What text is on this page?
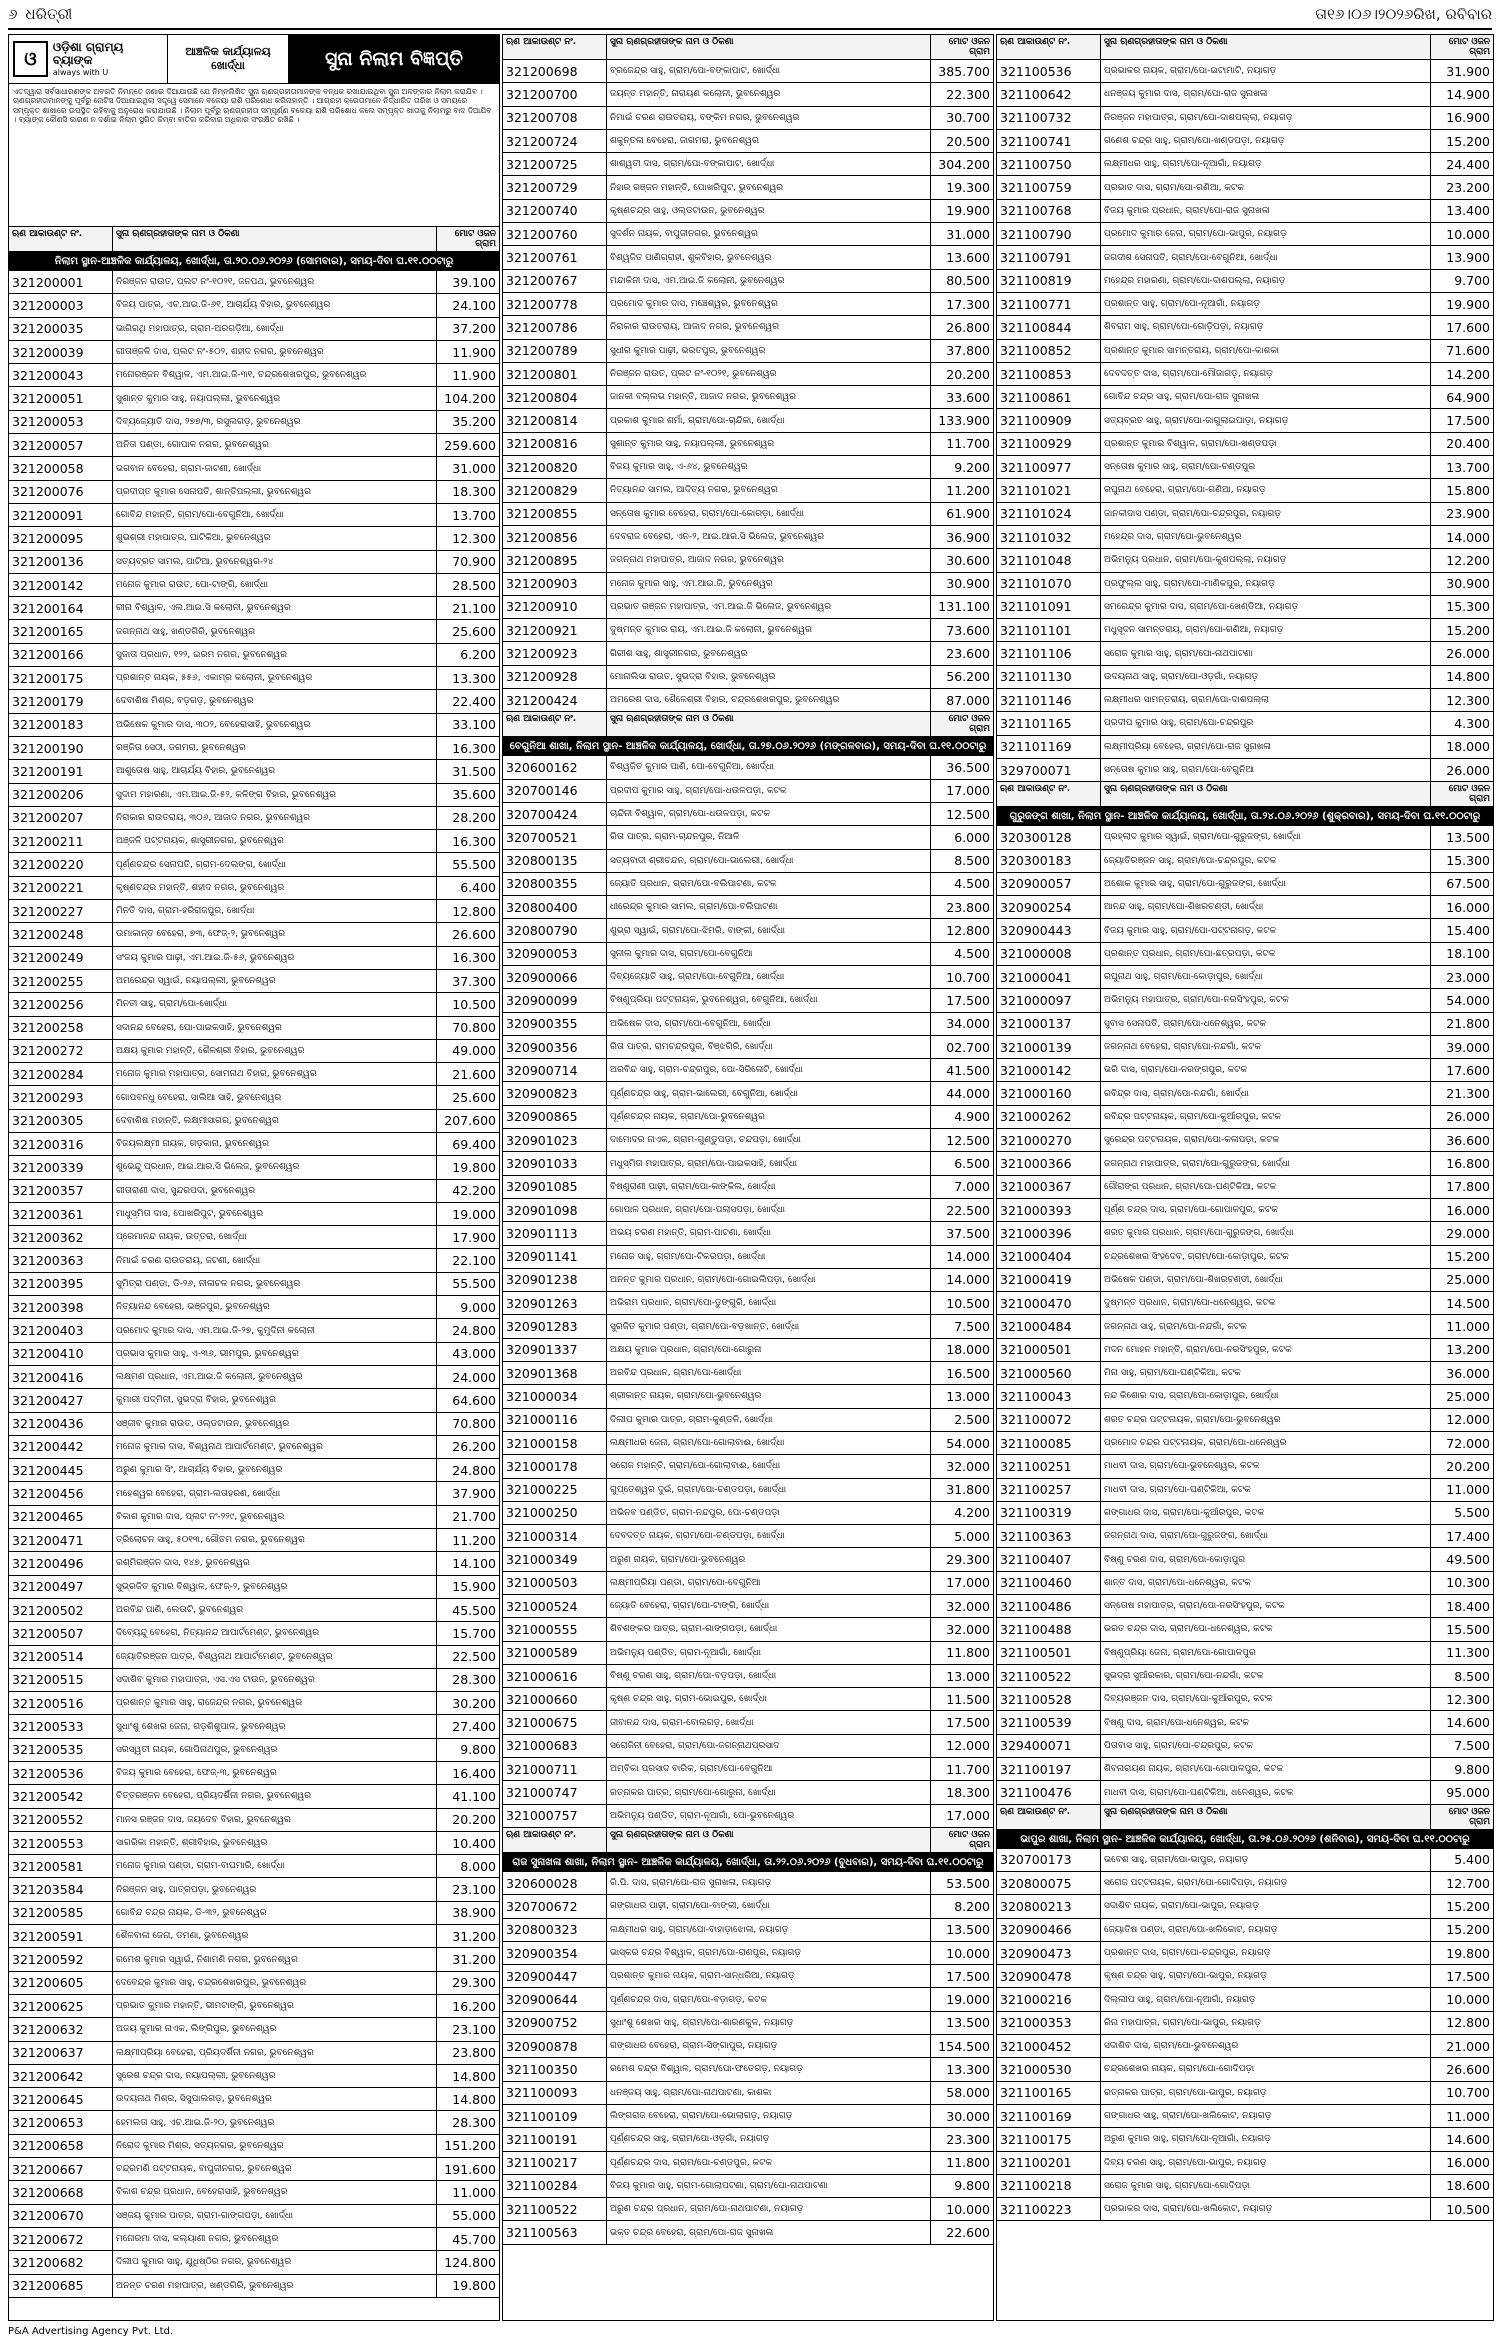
୬ ଧରିତ୍ରୀ	ତା୧୬।୦୬।୨୦୨୬ରିଖ, ରବିବାର
ଓ
ଓଡ଼ିଶା ଗ୍ରାମ୍ୟ ବ୍ୟାଙ୍କ
always with U
ଆଞ୍ଚଳିକ କାର୍ଯ୍ୟାଳୟ
ଖୋର୍ଦ୍ଧା	ସୁନା ନିଲାମ ବିଜ୍ଞପ୍ତି
ଏତଦ୍ୱାରା ସର୍ବସାଧାରଣଙ୍କ ଅବଗତି ନିମନ୍ତେ ଜଣାଇ ଦିଆଯାଉଛି ଯେ ନିମ୍ନଲିଖିତ ସୁନା ଋଣଗ୍ରହୀତାମାନଙ୍କ ବନ୍ଧକ ରଖାଯାଇଥିବା ସୁନା ଅଳଙ୍କାର ନିଲାମ କରାଯିବ । ଋଣଗ୍ରହୀତାମାନଙ୍କୁ ପୂର୍ବରୁ ନୋଟିସ ଦିଆଯାଇଥିଲା ସତ୍ତ୍ୱେ ସେମାନେ ବକେୟା ରାଶି ପରିଶୋଧ କରିନାହାନ୍ତି । ଆଗ୍ରହୀ କ୍ରେତାମାନେ ନିର୍ଦ୍ଧାରିତ ତାରିଖ ଓ ସମୟରେ ସମ୍ପୃକ୍ତ ଶାଖାରେ ଉପସ୍ଥିତ ରହିବାକୁ ଅନୁରୋଧ କରାଯାଉଛି । ନିଲାମ ପୂର୍ବରୁ ଋଣଗ୍ରହୀତା ସମ୍ପୂର୍ଣ୍ଣ ବକେୟା ରାଶି ପରିଶୋଧ କଲେ ସମ୍ପୃକ୍ତ ଖାତାକୁ ନିଲାମରୁ ବାଦ ଦିଆଯିବ । ବ୍ୟାଙ୍କ କୌଣସି କାରଣ ନ ଦର୍ଶାଇ ନିଲାମ ସ୍ଥଗିତ କିମ୍ବା ବାତିଲ କରିବାର ଅଧିକାର ସଂରକ୍ଷିତ ରଖିଛି ।
ଋଣ ଆକାଉଣ୍ଟ ନଂ.	ସୁନା ଋଣଗ୍ରହୀତାଙ୍କ ନାମ ଓ ଠିକଣା	ମୋଟ ଓଜନ ଗ୍ରାମ
ନିଲାମ ସ୍ଥାନ-ଆଞ୍ଚଳିକ କାର୍ଯ୍ୟାଳୟ, ଖୋର୍ଦ୍ଧା, ତା.୨୦.୦୬.୨୦୨୬ (ସୋମବାର), ସମୟ-ଦିବା ଘ.୧୧.୦୦ଟାରୁ
321200001	ନିରଞ୍ଜନ ରାଉତ, ପ୍ଲଟ ନଂ-୧୦୨୧, ଜନପଥ, ଭୁବନେଶ୍ୱର	39.100
321200003	ବିଜୟ ପାତ୍ର, ଏଚ.ଆଇ.ଜି-୬୧, ଆଚାର୍ଯ୍ୟ ବିହାର, ଭୁବନେଶ୍ୱର	24.100
321200035	ଭାଗିରଥି ମହାପାତ୍ର, ଗ୍ରାମ-ଅରଗଡ଼ିଆ, ଖୋର୍ଦ୍ଧା	37.200
321200039	ଗୀତାଞ୍ଜଳି ଦାସ, ପ୍ଲଟ ନଂ-୫୦୨, ଶହୀଦ ନଗର, ଭୁବନେଶ୍ୱର	11.900
321200043	ମନୋରଞ୍ଜନ ବିଶ୍ୱାଳ, ଏମ.ଆଇ.ଜି-୩୧, ଚନ୍ଦ୍ରଶେଖରପୁର, ଭୁବନେଶ୍ୱର	11.900
321200051	ସୁଶାନ୍ତ କୁମାର ସାହୁ, ନୟାପଲ୍ଲୀ, ଭୁବନେଶ୍ୱର	104.200
321200053	ଦିବ୍ୟଜ୍ୟୋତି ଦାସ, ୨୭୭/୩, ରସୁଲଗଡ଼, ଭୁବନେଶ୍ୱର	35.200
321200057	ଅନିତା ପଣ୍ଡା, ଗୋପାଳ ନଗର, ଭୁବନେଶ୍ୱର	259.600
321200058	ଭଗବାନ ବେହେରା, ଗ୍ରାମ-ଜାଟଣୀ, ଖୋର୍ଦ୍ଧା	31.000
321200076	ପ୍ରଦୀପ୍ତ କୁମାର ସେନାପତି, ଶାନ୍ତିପଲ୍ଲୀ, ଭୁବନେଶ୍ୱର	18.300
321200091	ଗୋବିନ୍ଦ ମହାନ୍ତି, ଗ୍ରାମ/ପୋ-ବେଗୁନିଆ, ଖୋର୍ଦ୍ଧା	13.700
321200095	ଶୁଭଶ୍ରୀ ମହାପାତ୍ର, ଘାଟିକିଆ, ଭୁବନେଶ୍ୱର	12.300
321200136	ସତ୍ୟବ୍ରତ ସାମଲ, ପାଟିଆ, ଭୁବନେଶ୍ୱର-୨୪	70.900
321200142	ମନୋଜ କୁମାର ରାଉତ, ପୋ-ଟାଙ୍ଗି, ଖୋର୍ଦ୍ଧା	28.500
321200164	ରୀନା ବିଶ୍ୱାଳ, ଏଲ.ଆଇ.ସି କଲୋନୀ, ଭୁବନେଶ୍ୱର	21.100
321200165	ଜଗନ୍ନାଥ ସାହୁ, ଖଣ୍ଡଗିରି, ଭୁବନେଶ୍ୱର	25.600
321200166	ସୁଜାତା ପ୍ରଧାନ, ୧୨୨, ଇରମ ନଗର, ଭୁବନେଶ୍ୱର	6.200
321200175	ପ୍ରଶାନ୍ତ ନାୟକ, ୫୫୬, ଏକାମ୍ର କଲୋନୀ, ଭୁବନେଶ୍ୱର	13.300
321200179	ଦେବାଶିଷ ମିଶ୍ର, ବଡ଼ଗଡ଼, ଭୁବନେଶ୍ୱର	22.400
321200183	ଅଭିଷେକ କୁମାର ଦାସ, ୩୦୨, ବେହେରାସାହି, ଭୁବନେଶ୍ୱର	33.100
321200190	ରଞ୍ଜିତା ସେଠୀ, ଜଗମରା, ଭୁବନେଶ୍ୱର	16.300
321200191	ଆଶୁତୋଷ ସାହୁ, ଆଚାର୍ଯ୍ୟ ବିହାର, ଭୁବନେଶ୍ୱର	31.500
321200206	ସୁଦାମ ମହାରଣା, ଏମ.ଆଇ.ଜି-୫୨, କଳିଙ୍ଗ ବିହାର, ଭୁବନେଶ୍ୱର	35.600
321200207	ନିରାକାର ରାଉତରାୟ, ୩୦୬, ଆଜାଦ ନଗର, ଭୁବନେଶ୍ୱର	28.200
321200211	ଅଞ୍ଜଳି ପଟ୍ଟନାୟକ, ଶାସ୍ତ୍ରୀନଗର, ଭୁବନେଶ୍ୱର	16.300
321200220	ପୂର୍ଣ୍ଣଚନ୍ଦ୍ର ସେନାପତି, ଗ୍ରାମ-ଦେଲଙ୍ଗ, ଖୋର୍ଦ୍ଧା	55.500
321200221	କୃଷ୍ଣଚନ୍ଦ୍ର ମହାନ୍ତି, ଶହୀଦ ନଗର, ଭୁବନେଶ୍ୱର	6.400
321200227	ମିନତି ଦାସ, ଗ୍ରାମ-ହରିରାଜପୁର, ଖୋର୍ଦ୍ଧା	12.800
321200248	ଉମାକାନ୍ତ ବେହେରା, ୭୩, ଫେଜ୍-୨, ଭୁବନେଶ୍ୱର	26.600
321200249	ସଂଜୟ କୁମାର ପାଢ଼ୀ, ଏମ.ଆଇ.ଜି-୫୬, ଭୁବନେଶ୍ୱର	16.300
321200255	ଅମରେନ୍ଦ୍ର ସ୍ୱାଇଁ, ନୟାପଲ୍ଲୀ, ଭୁବନେଶ୍ୱର	37.300
321200256	ମିନତୀ ସାହୁ, ଗ୍ରାମ/ପୋ-ଖୋର୍ଦ୍ଧା	10.500
321200258	ସଦାନନ୍ଦ ବେହେରା, ପୋ-ପାଇକସାହି, ଭୁବନେଶ୍ୱର	70.800
321200272	ଅକ୍ଷୟ କୁମାର ମହାନ୍ତି, ଶୈଳଶ୍ରୀ ବିହାର, ଭୁବନେଶ୍ୱର	49.000
321200284	ମନୋଜ କୁମାର ମହାପାତ୍ର, ସୋମନାଥ ବିହାର, ଭୁବନେଶ୍ୱର	21.600
321200293	ଗୋପବନ୍ଧୁ ବେହେରା, ସାଲିଆ ସାହି, ଭୁବନେଶ୍ୱର	25.600
321200305	ଦେବାଶିଷ ମହାନ୍ତି, ଲକ୍ଷ୍ମୀସାଗର, ଭୁବନେଶ୍ୱର	207.600
321200316	ବିଜୟଲକ୍ଷ୍ମୀ ନାୟକ, ଗଡ଼କାନା, ଭୁବନେଶ୍ୱର	69.400
321200339	ଶୁଭେନ୍ଦୁ ପ୍ରଧାନ, ଆଇ.ଆର.ସି ଭିଲେଜ, ଭୁବନେଶ୍ୱର	19.800
321200357	ଗୀତାରାଣୀ ଦାସ, ସୁନ୍ଦରପଦା, ଭୁବନେଶ୍ୱର	42.200
321200361	ମାଧୁସ୍ମିତା ଦାସ, ପୋଖରିପୁଟ, ଭୁବନେଶ୍ୱର	19.000
321200362	ପ୍ରେମାନନ୍ଦ ନାୟକ, ଉତ୍ତରା, ଖୋର୍ଦ୍ଧା	17.900
321200363	ନିମାଇଁ ଚରଣ ରାଉତରାୟ, ଜଟଣୀ, ଖୋର୍ଦ୍ଧା	22.100
321200395	ସୁମିତ୍ରା ପଣ୍ଡା, ଡି-୨୬, ନୀଳାଚଳ ନଗର, ଭୁବନେଶ୍ୱର	55.500
321200398	ନିତ୍ୟାନନ୍ଦ ବେହେରା, ଭଞ୍ଜପୁର, ଭୁବନେଶ୍ୱର	9.000
321200403	ପ୍ରମୋଦ କୁମାର ଦାସ, ଏମ.ଆଇ.ଜି-୨୭, କୁମୁଦିନୀ କଲୋନୀ	24.800
321200410	ପ୍ରଭାସ କୁମାର ସାହୁ, ଏ-୩୬, ଭୀମପୁର, ଭୁବନେଶ୍ୱର	43.000
321200416	ଲକ୍ଷ୍ମଣ ପ୍ରଧାନ, ଏମ.ଆଇ.ଜି କଲୋନୀ, ଭୁବନେଶ୍ୱର	24.000
321200427	କୁମାରୀ ପଦ୍ମିନୀ, ସୁଭଦ୍ରା ବିହାର, ଭୁବନେଶ୍ୱର	64.600
321200436	ସଞ୍ଜୀବ କୁମାର ରାଉତ, ଓଲ୍ଡଟାଉନ, ଭୁବନେଶ୍ୱର	70.800
321200442	ମନୋଜ କୁମାର ଦାସ, ବିଶ୍ୱନାଥ ଆପାର୍ଟମେଣ୍ଟ, ଭୁବନେଶ୍ୱର	26.200
321200445	ଅରୁଣ କୁମାର ସିଂ, ଆଚାର୍ଯ୍ୟ ବିହାର, ଭୁବନେଶ୍ୱର	24.800
321200456	ମହେଶ୍ୱର ବେହେରା, ଗ୍ରାମ-ଲତାହରଣ, ଖୋର୍ଦ୍ଧା	37.900
321200465	ବିକାଶ କୁମାର ଦାସ, ପ୍ଲଟ ନଂ-୨୨୯, ଭୁବନେଶ୍ୱର	21.700
321200471	ତ୍ରିଲୋଚନ ସାହୁ, ୫୦୧୩, ଗୌତମ ନଗର, ଭୁବନେଶ୍ୱର	11.200
321200496	ରଶ୍ମିରଞ୍ଜନ ଦାସ, ୧୪୭, ଭୁବନେଶ୍ୱର	14.100
321200497	ସୁଭ୍ରଜିତ କୁମାର ବିଶ୍ୱାଳ, ଫେଜ୍-୨, ଭୁବନେଶ୍ୱର	15.900
321200502	ଅରବିନ୍ଦ ପାଣି, ଲେଉଟି, ଭୁବନେଶ୍ୱର	45.500
321200507	ଦିବ୍ୟେନ୍ଦୁ ବେହେରା, ନିତ୍ୟାନନ୍ଦ ଆପାର୍ଟମେଣ୍ଟ, ଭୁବନେଶ୍ୱର	15.700
321200514	ଜ୍ୟୋତିରଞ୍ଜନ ପାତ୍ର, ବିଶ୍ୱନାଥ ଆପାର୍ଟମେଣ୍ଟ, ଭୁବନେଶ୍ୱର	22.500
321200515	ସଦାଶିବ କୁମାର ମହାପାତ୍ର, ଏସ.ଏସ ଟାଉନ, ଭୁବନେଶ୍ୱର	28.300
321200516	ପ୍ରଶାନ୍ତ କୁମାର ସାହୁ, ରାଜେନ୍ଦ୍ର ନଗର, ଭୁବନେଶ୍ୱର	30.200
321200533	ସୁଧାଂଶୁ ଶେଖର ଜେନା, ଗଡ଼ଶିଶୁପାଳ, ଭୁବନେଶ୍ୱର	27.400
321200535	ସରସ୍ୱତୀ ନାୟକ, ଗୋପିନାଥପୁର, ଭୁବନେଶ୍ୱର	9.800
321200536	ବିଜୟ କୁମାର ବେହେରା, ଫେଜ୍-୩, ଭୁବନେଶ୍ୱର	16.400
321200542	ଚିତ୍ତରଞ୍ଜନ ବେହେରା, ପ୍ରିୟଦର୍ଶିନୀ ନଗର, ଭୁବନେଶ୍ୱର	41.100
321200552	ମାନସ ରଞ୍ଜନ ଦାସ, ଜୟଦେବ ବିହାର, ଭୁବନେଶ୍ୱର	20.200
321200553	ସାଗରିକା ମହାନ୍ତି, ଶ୍ରୀବିହାର, ଭୁବନେଶ୍ୱର	10.400
321200581	ମନୋଜ କୁମାର ପଣ୍ଡା, ଗ୍ରାମ-ବାଘମାରି, ଖୋର୍ଦ୍ଧା	8.000
321203584	ନିରଞ୍ଜନ ସାହୁ, ପାତ୍ରପଡ଼ା, ଭୁବନେଶ୍ୱର	23.100
321200585	ଗୋବିନ୍ଦ ଚନ୍ଦ୍ର ନାୟକ, ଡି-୩୨, ଭୁବନେଶ୍ୱର	38.900
321200591	ଶୈଳବାଳା ଜେନା, ଡମଣା, ଭୁବନେଶ୍ୱର	31.200
321200592	ରମେଶ କୁମାର ସ୍ୱାଇଁ, ନିଶାମଣି ନଗର, ଭୁବନେଶ୍ୱର	31.200
321200605	ଦେବେନ୍ଦ୍ର କୁମାର ସାହୁ, ଚନ୍ଦ୍ରଶେଖରପୁର, ଭୁବନେଶ୍ୱର	29.300
321200625	ପ୍ରଭାତ କୁମାର ମହାନ୍ତି, ଭୀମଟାଙ୍ଗି, ଭୁବନେଶ୍ୱର	16.200
321200632	ଅଜୟ କୁମାର ନାଏକ, ଲିଙ୍ଗିପୁର, ଭୁବନେଶ୍ୱର	23.100
321200637	ଲକ୍ଷ୍ମୀପ୍ରିୟା ବେହେରା, ପ୍ରିୟଦର୍ଶିନୀ ନଗର, ଭୁବନେଶ୍ୱର	23.800
321200642	ସୁରେଶ ଚନ୍ଦ୍ର ଦାସ, ନୟାପଲ୍ଲୀ, ଭୁବନେଶ୍ୱର	14.800
321200645	ଉଦୟନାଥ ମିଶ୍ର, ସିସୁପାଲଗଡ଼, ଭୁବନେଶ୍ୱର	14.800
321200653	ହେମଲତା ସାହୁ, ଏଚ.ଆଇ.ଜି-୨୦, ଭୁବନେଶ୍ୱର	28.300
321200658	ନିରୋଦ କୁମାର ମିଶ୍ର, ସତ୍ୟନଗର, ଭୁବନେଶ୍ୱର	151.200
321200667	ଚନ୍ଦ୍ରମଣି ପଟ୍ଟନାୟକ, ବାପୁଜୀନଗର, ଭୁବନେଶ୍ୱର	191.600
321200668	ବିକାଶ ଚନ୍ଦ୍ର ପ୍ରଧାନ, ବେହେରାସାହି, ଭୁବନେଶ୍ୱର	11.000
321200670	ସଞ୍ଜୟ କୁମାର ପାତ୍ର, ଗ୍ରାମ-ଗାଙ୍ଗପଡ଼ା, ଖୋର୍ଦ୍ଧା	55.000
321200672	ମନୋରମା ଦାସ, କଲ୍ୟାଣୀ ନଗର, ଭୁବନେଶ୍ୱର	45.700
321200682	ଦିଲୀପ କୁମାର ସାହୁ, ଯୁଧିଷ୍ଠିର ନଗର, ଭୁବନେଶ୍ୱର	124.800
321200685	ଅନନ୍ତ ଚରଣ ମହାପାତ୍ର, ଖଣ୍ଡଗିରି, ଭୁବନେଶ୍ୱର	19.800
ଋଣ ଆକାଉଣ୍ଟ ନଂ.	ସୁନା ଋଣଗ୍ରହୀତାଙ୍କ ନାମ ଓ ଠିକଣା	ମୋଟ ଓଜନ ଗ୍ରାମ
321200698	ବ୍ରଜେନ୍ଦ୍ର ସାହୁ, ଗ୍ରାମ/ପୋ-ବଙ୍କାପାଟ, ଖୋର୍ଦ୍ଧା	385.700
321200700	ଜୟନ୍ତ ମହାନ୍ତି, ନାରାୟଣ କଲୋନୀ, ଭୁବନେଶ୍ୱର	22.300
321200708	ନିମାଇଁ ଚରଣ ରାଉତରାୟ, ବଙ୍କିମ ନଗର, ଭୁବନେଶ୍ୱର	30.700
321200724	ଶକୁନ୍ତଳା ବେହେରା, ଜାଗମରା, ଭୁବନେଶ୍ୱର	20.500
321200725	ଶାଶ୍ୱତୀ ଦାସ, ଗ୍ରାମ/ପୋ-ବଙ୍କାପାଟ, ଖୋର୍ଦ୍ଧା	304.200
321200729	ନିହାର ରଞ୍ଜନ ମହାନ୍ତି, ପୋଖରିପୁଟ, ଭୁବନେଶ୍ୱର	19.300
321200740	କୃଷ୍ଣଚନ୍ଦ୍ର ସାହୁ, ଓଲ୍ଡଟାଉନ, ଭୁବନେଶ୍ୱର	19.900
321200760	ସୁଦର୍ଶନ ନାୟକ, ବାପୁଜୀନଗର, ଭୁବନେଶ୍ୱର	31.000
321200761	ବିଶ୍ୱଜିତ ପାଣିଗ୍ରାହୀ, ଶୁକବିହାର, ଭୁବନେଶ୍ୱର	13.600
321200767	ମନ୍ଦାକିନୀ ଦାସ, ଏମ.ଆଇ.ଜି କଲୋନୀ, ଭୁବନେଶ୍ୱର	80.500
321200778	ପ୍ରମୋଦ କୁମାର ଦାସ, ମଞ୍ଚେଶ୍ୱର, ଭୁବନେଶ୍ୱର	17.300
321200786	ନିରାକାର ରାଉତରାୟ, ଆଜାଦ ନଗର, ଭୁବନେଶ୍ୱର	26.800
321200789	ସୁଧୀର କୁମାର ପାଢ଼ୀ, ଭରତପୁର, ଭୁବନେଶ୍ୱର	37.800
321200801	ନିରଞ୍ଜନ ରାଉତ, ପ୍ଲଟ ନଂ-୧୦୨୧, ଭୁବନେଶ୍ୱର	20.200
321200804	ଜାନକୀ ବଲ୍ଲଭ ମହାନ୍ତି, ଆଜାଦ ନଗର, ଭୁବନେଶ୍ୱର	33.600
321200814	ପ୍ରକାଶ କୁମାର ଶର୍ମା, ଗ୍ରାମ/ପୋ-ଚାନ୍ଦିକା, ଖୋର୍ଦ୍ଧା	133.900
321200816	ସୁଶାନ୍ତ କୁମାର ସାହୁ, ନୟାପଲ୍ଲୀ, ଭୁବନେଶ୍ୱର	11.700
321200820	ବିଜୟ କୁମାର ସାହୁ, ଏ-୬୪, ଭୁବନେଶ୍ୱର	9.200
321200829	ନିତ୍ୟାନନ୍ଦ ସାମଲ, ଆଦିତ୍ୟ ନଗର, ଭୁବନେଶ୍ୱର	11.200
321200855	ସନ୍ତୋଷ କୁମାର ବେହେରା, ଗ୍ରାମ/ପୋ-କୋରଡ଼ା, ଖୋର୍ଦ୍ଧା	61.900
321200856	ଦେବରାଜ ବେହେରା, ଏନ-୨, ଆଇ.ଆର.ସି ଭିଲେଜ, ଭୁବନେଶ୍ୱର	36.900
321200895	ଜଗନ୍ନାଥ ମହାପାତ୍ର, ଆଜାଦ ନଗର, ଭୁବନେଶ୍ୱର	30.600
321200903	ମନୋଜ କୁମାର ସାହୁ, ଏମ.ଆଇ.ଜି, ଭୁବନେଶ୍ୱର	30.900
321200910	ପ୍ରଭାତ ରଞ୍ଜନ ମହାପାତ୍ର, ଏମ.ଆଇ.ଜି ଭିଲେଜ, ଭୁବନେଶ୍ୱର	131.100
321200921	ଦୁଷ୍ମନ୍ତ କୁମାର ରାୟ, ଏମ.ଆଇ.ଜି କଲୋନୀ, ଭୁବନେଶ୍ୱର	73.600
321200923	ଗିରୀଶ ସାହୁ, ଶାସ୍ତ୍ରୀନଗର, ଭୁବନେଶ୍ୱର	23.600
321200928	ମୋନାଲିସା ରାଉତ, ସୁଭଦ୍ରା ବିହାର, ଭୁବନେଶ୍ୱର	56.200
321200424	ଅମରେଶ ଦାସ, ଶୈଳେଶ୍ରୀ ବିହାର, ଚନ୍ଦ୍ରଶେଖରପୁର, ଭୁବନେଶ୍ୱର	87.000
ଋଣ ଆକାଉଣ୍ଟ ନଂ.	ସୁନା ଋଣଗ୍ରହୀତାଙ୍କ ନାମ ଓ ଠିକଣା	ମୋଟ ଓଜନ ଗ୍ରାମ
ବେଗୁନିଆ ଶାଖା, ନିଲାମ ସ୍ଥାନ- ଆଞ୍ଚଳିକ କାର୍ଯ୍ୟାଳୟ, ଖୋର୍ଦ୍ଧା, ତା.୨୭.୦୬.୨୦୨୬ (ମଙ୍ଗଳବାର), ସମୟ-ଦିବା ଘ.୧୧.୦୦ଟାରୁ
320600162	ବିଶ୍ୱଜିତ କୁମାର ପାଣି, ପୋ-ବେଗୁନିଆ, ଖୋର୍ଦ୍ଧା	36.500
320700146	ପ୍ରଦୀପ କୁମାର ସାହୁ, ଗ୍ରାମ/ପୋ-ଧଉଳପଡ଼ା, କଟକ	17.000
320700424	ଚାନ୍ଦିନୀ ବିଶ୍ୱାଳ, ଗ୍ରାମ/ପୋ-ଧଉଳପଡ଼ା, କଟକ	12.500
320700521	ରିତା ପାତ୍ର, ଗ୍ରାମ-ଚାନ୍ଦନପୁର, ନିଆଳି	6.000
320800135	ସତ୍ୟବାଦୀ ଶ୍ରୀଚନ୍ଦନ, ଗ୍ରାମ/ପୋ-ଭାଲେରୀ, ଖୋର୍ଦ୍ଧା	8.500
320800355	ଜ୍ୟୋତି ପ୍ରଧାନ, ଗ୍ରାମ/ପୋ-ବଲିପାଟଣା, କଟକ	4.500
320800400	ଧୀରେନ୍ଦ୍ର କୁମାର ସାମଲ, ଗ୍ରାମ/ପୋ-ବଲିପାଟଣା	23.800
320800790	ଶୁଭ୍ରା ସ୍ୱାଇଁ, ଗ୍ରାମ/ପୋ-ଝିମରି, ବାଙ୍କୀ, ଖୋର୍ଦ୍ଧା	12.800
320900053	ସୁନୀଲ କୁମାର ଦାସ, ଗ୍ରାମ/ପୋ-ବେଗୁନିଆ	4.500
320900066	ଦିବ୍ୟଜ୍ୟୋତି ସାହୁ, ଗ୍ରାମ/ପୋ-ବେଗୁନିଆ, ଖୋର୍ଦ୍ଧା	10.700
320900099	ବିଷ୍ଣୁପ୍ରିୟା ପଟ୍ଟନାୟକ, ଭୁବନେଶ୍ୱର, ବେଗୁନିଆ, ଖୋର୍ଦ୍ଧା	17.500
320900355	ଅଭିଷେକ ଦାସ, ଗ୍ରାମ/ପୋ-ବେଗୁନିଆ, ଖୋର୍ଦ୍ଧା	34.000
320900356	ରିତା ପାତ୍ର, ରାମଚନ୍ଦ୍ରପୁର, ବିଞ୍ଝଗିରି, ଖୋର୍ଦ୍ଧା	02.700
320900714	ଅରବିନ୍ଦ ସାହୁ, ଗ୍ରାମ-ଚନ୍ଦ୍ରପୁର, ପୋ-ସିରିଳୋଟି, ଖୋର୍ଦ୍ଧା	41.500
320900823	ପୂର୍ଣ୍ଣଚନ୍ଦ୍ର ସାହୁ, ଗ୍ରାମ-ଭାଲେରୀ, ବେଗୁନିଆ, ଖୋର୍ଦ୍ଧା	44.000
320900865	ପୂର୍ଣ୍ଣଚନ୍ଦ୍ର ନାୟକ, ଗ୍ରାମ/ପୋ-ଭୁବନେଶ୍ୱର	4.900
320901023	ଦାମୋଦର ନାଏକ, ଗ୍ରାମ-ଗୁଣ୍ଡୁପଡ଼ା, ଚନ୍ଦପଡ଼ା, ଖୋର୍ଦ୍ଧା	12.500
320901033	ମଧୁସ୍ମିତା ମହାପାତ୍ର, ଗ୍ରାମ/ପୋ-ପାଇକସାହି, ଖୋର୍ଦ୍ଧା	6.500
320901085	ବିଷ୍ଣୁରାଣୀ ପାଢ଼ୀ, ଗ୍ରାମ/ପୋ-କାଙ୍କିଲ, ଖୋର୍ଦ୍ଧା	7.000
320901098	ଗୋପାଳ ପ୍ରଧାନ, ଗ୍ରାମ/ପୋ-ପଲାସପଡ଼ା, ଖୋର୍ଦ୍ଧା	22.500
320901113	ଅଭୟ ଚରଣ ମହାନ୍ତି, ଗ୍ରାମ-ପାଟଣା, ଖୋର୍ଦ୍ଧା	37.500
320901141	ମନୋଜ ସାହୁ, ଗ୍ରାମ/ପୋ-ଟିକରପଡ଼ା, ଖୋର୍ଦ୍ଧା	14.000
320901238	ଅନନ୍ତ କୁମାର ପ୍ରଧାନ, ଗ୍ରାମ/ପୋ-ଗୋଇଲିପଡ଼ା, ଖୋର୍ଦ୍ଧା	14.000
320901263	ଅଭିରାମ ପ୍ରଧାନ, ଗ୍ରାମ/ପୋ-ଡୁଙ୍ଗୁରି, ଖୋର୍ଦ୍ଧା	10.500
320901283	ସୁରଜିତ କୁମାର ପଣ୍ଡା, ଗ୍ରାମ/ପୋ-ବଡ଼ଖାନ୍ତ, ଖୋର୍ଦ୍ଧା	7.500
320901337	ଅକ୍ଷୟ କୁମାର ପ୍ରଧାନ, ଗ୍ରାମ/ପୋ-ଗୋରୁନା	18.000
320901368	ଅରବିନ୍ଦ ପ୍ରଧାନ, ଗ୍ରାମ/ପୋ-ଖୋର୍ଦ୍ଧା	16.500
321000034	ଶ୍ରୀକାନ୍ତ ନାୟକ, ଗ୍ରାମ/ପୋ-ଭୁବନେଶ୍ୱର	13.000
321000116	ଦିଲୀପ କୁମାର ପାତ୍ର, ଗ୍ରାମ-କୁଣ୍ଡଳି, ଖୋର୍ଦ୍ଧା	2.500
321000158	ଲକ୍ଷ୍ମୀଧର ଜେନା, ଗ୍ରାମ/ପୋ-ଗୋଲାବାଈ, ଖୋର୍ଦ୍ଧା	54.000
321000178	ସରୋଜ ମହାନ୍ତି, ଗ୍ରାମ/ପୋ-ଗୋଲାବାଈ, ଖୋର୍ଦ୍ଧା	32.000
321000225	ଗୁପ୍ତେଶ୍ୱର ଦୁଇଁ, ଗ୍ରାମ/ପୋ-ଚଣ୍ଡପଡ଼ା, ଖୋର୍ଦ୍ଧା	31.800
321000250	ଅଭିନବ ପଣ୍ଡିତ, ଗ୍ରାମ-ନନ୍ଦପୁର, ପୋ-ଚଣ୍ଡପଡ଼ା	4.200
321000314	ଦେବଦତ୍ତ ନାୟକ, ଗ୍ରାମ/ପୋ-ଚଣ୍ଡପଡ଼ା, ଖୋର୍ଦ୍ଧା	5.000
321000349	ଅରୁଣ ନାୟକ, ଗ୍ରାମ/ପୋ-ଭୁବନେଶ୍ୱର	29.300
321000503	ଲକ୍ଷ୍ମୀପ୍ରିୟା ପଣ୍ଡା, ଗ୍ରାମ/ପୋ-ବେଗୁନିଆ	17.000
321000524	ଜ୍ୟୋତି ବେହେରା, ଗ୍ରାମ/ପୋ-ଟାଙ୍ଗି, ଖୋର୍ଦ୍ଧା	32.000
321000555	ଶିବଶଙ୍କର ପାତ୍ର, ଗ୍ରାମ-ଗାଙ୍ଗପଡ଼ା, ଖୋର୍ଦ୍ଧା	32.000
321000589	ଅଭିମନ୍ୟୁ ପଣ୍ଡିତ, ଗ୍ରାମ-ନୂଆଗାଁ, ଖୋର୍ଦ୍ଧା	11.800
321000616	ବିଷ୍ଣୁ ଚରଣ ସାହୁ, ଗ୍ରାମ/ପୋ-ବଡ଼ପଡ଼ା, ଖୋର୍ଦ୍ଧା	13.000
321000660	କୃଷ୍ଣ ଚନ୍ଦ୍ର ସାହୁ, ଗ୍ରାମ-ଭୋଇପୁର, ଖୋର୍ଦ୍ଧା	11.500
321000675	ଜୀବାନନ୍ଦ ଦାସ, ଗ୍ରାମ-ବୋଲଗଡ଼, ଖୋର୍ଦ୍ଧା	17.500
321000683	ସରୋଜିନୀ ବେହେରା, ଗ୍ରାମ/ପୋ-ଜଗନ୍ନାଥପ୍ରସାଦ	12.000
321000711	ଅମ୍ବିକା ପ୍ରସାଦ ବାରିକ, ଗ୍ରାମ/ପୋ-ବେଗୁନିଆ	11.700
321000747	ରତ୍ନାକର ପାତ୍ର, ଗ୍ରାମ/ପୋ-ଗୋରୁନା, ଖୋର୍ଦ୍ଧା	18.300
321000757	ଅଭିମନ୍ୟୁ ପଣ୍ଡିତ, ଗ୍ରାମ-ନୂଆଗାଁ, ପୋ-ଭୁବନେଶ୍ୱର	17.000
ଋଣ ଆକାଉଣ୍ଟ ନଂ.	ସୁନା ଋଣଗ୍ରହୀତାଙ୍କ ନାମ ଓ ଠିକଣା	ମୋଟ ଓଜନ ଗ୍ରାମ
ରାଜ ସୁନାଖଳା ଶାଖା, ନିଲାମ ସ୍ଥାନ- ଆଞ୍ଚଳିକ କାର୍ଯ୍ୟାଳୟ, ଖୋର୍ଦ୍ଧା, ତା.୨୨.୦୬.୨୦୨୬ (ବୁଧବାର), ସମୟ-ଦିବା ଘ.୧୧.୦୦ଟାରୁ
320600028	ରି.ପି. ଦାସ, ଗ୍ରାମ/ପୋ-ରାଜ ସୁନାଖଳା, ନୟାଗଡ଼	53.500
320700672	ଗଙ୍ଗାଧର ପାଢ଼ୀ, ଗ୍ରାମ/ପୋ-ବାଙ୍କୀ, ଖୋର୍ଦ୍ଧା	8.200
320800323	ଲକ୍ଷ୍ମୀଧର ସାହୁ, ଗ୍ରାମ/ପୋ-ବାହାଡ଼ାଝୋଳା, ନୟାଗଡ଼	13.500
320900354	ଭାସ୍କର ଚନ୍ଦ୍ର ବିଶ୍ୱାଳ, ଗ୍ରାମ/ପୋ-ରାଣପୁର, ନୟାଗଡ଼	10.000
320900447	ପ୍ରଶାନ୍ତ କୁମାର ନାୟକ, ଗ୍ରାମ-ସାନ୍ଧରିଆ, ନୟାଗଡ଼	17.500
320900644	ପୂର୍ଣ୍ଣଚନ୍ଦ୍ର ଦାସ, ଗ୍ରାମ/ପୋ-ବଡ଼ାଗଡ଼, କଟକ	19.000
320900752	ସୁଧାଂଶୁ ଶେଖର ସାହୁ, ଗ୍ରାମ/ପୋ-ଶାରଣକୁଳ, ନୟାଗଡ଼	13.500
320900878	ଗଙ୍ଗାଧର ବେହେରା, ଗ୍ରାମ-ସିଙ୍ଗାପୁର, ନୟାଗଡ଼	154.500
321100350	ରମେଶ ଚନ୍ଦ୍ର ବିଶ୍ୱାଳ, ଗ୍ରାମ/ପୋ-ଫତେଗଡ଼, ନୟାଗଡ଼	13.300
321100093	ଧନଞ୍ଜୟ ସାହୁ, ଗ୍ରାମ/ପୋ-ନାଥପାଟଣା, କାଶକା	58.000
321100109	ଲିଙ୍ଗରାଜ ବେହେରା, ଗ୍ରାମ/ପୋ-ଭୋଲାଗଡ଼, ନୟାଗଡ଼	30.000
321100191	ପୂର୍ଣ୍ଣଚନ୍ଦ୍ର ସାହୁ, ଗ୍ରାମ/ପୋ-ଓଡ଼ଗାଁ, ନୟାଗଡ଼	23.300
321100217	ପୂର୍ଣ୍ଣଚନ୍ଦ୍ର ଦାସ, ଗ୍ରାମ/ପୋ-ଚଣ୍ଡପୁର, କଟକ	11.800
321100284	ବିଜୟ କୁମାର ସାହୁ, ଗ୍ରାମ-ଗୋଲାପଟଣା, ଗ୍ରାମ/ପୋ-ନାଥପାଟଣା	9.800
321100522	ଅରୁଣ ଚନ୍ଦ୍ର ପ୍ରଧାନ, ଗ୍ରାମ/ପୋ-ନାଥପାଟଣା, ନୟାଗଡ଼	10.000
321100563	ଭକ୍ତ ଚନ୍ଦ୍ର ବେହେରା, ଗ୍ରାମ/ପୋ-ରାଜ ସୁନାଖଳା	22.600
ଋଣ ଆକାଉଣ୍ଟ ନଂ.	ସୁନା ଋଣଗ୍ରହୀତାଙ୍କ ନାମ ଓ ଠିକଣା	ମୋଟ ଓଜନ ଗ୍ରାମ
321100536	ପ୍ରଭାକର ନାୟକ, ଗ୍ରାମ/ପୋ-ଇଟାମାଟି, ନୟାଗଡ଼	31.900
321100642	ଧନଞ୍ଜୟ କୁମାର ଦାସ, ଗ୍ରାମ/ପୋ-ରାଜ ସୁନାଖଳା	14.900
321100732	ନିରଞ୍ଜନ ମହାପାତ୍ର, ଗ୍ରାମ/ପୋ-ଦାଶପଲ୍ଲା, ନୟାଗଡ଼	16.900
321100741	ଗଣେଶ ଚନ୍ଦ୍ର ସାହୁ, ଗ୍ରାମ/ପୋ-ଖଣ୍ଡପଡ଼ା, ନୟାଗଡ଼	15.200
321100750	ଲକ୍ଷ୍ମୀଧର ସାହୁ, ଗ୍ରାମ/ପୋ-ନୂଆଗାଁ, ନୟାଗଡ଼	24.400
321100759	ପ୍ରଭାତ ଦାସ, ଗ୍ରାମ/ପୋ-ଗଣିଆ, କଟକ	23.200
321100768	ବିଜୟ କୁମାର ପ୍ରଧାନ, ଗ୍ରାମ/ପୋ-ରାଜ ସୁନାଖଳା	13.400
321100790	ପ୍ରମୋଦ କୁମାର ଜେନା, ଗ୍ରାମ/ପୋ-ଭାପୁର, ନୟାଗଡ଼	10.000
321100791	ଜଗଦୀଶ ସେନାପତି, ଗ୍ରାମ/ପୋ-ବେଗୁନିଆ, ଖୋର୍ଦ୍ଧା	13.900
321100819	ମହେନ୍ଦ୍ର ମହାରଣା, ଗ୍ରାମ/ପୋ-ଦାଶପଲ୍ଲା, ନୟାଗଡ଼	9.700
321100771	ପ୍ରଶାନ୍ତ ସାହୁ, ଗ୍ରାମ/ପୋ-ନୂଆଗାଁ, ନୟାଗଡ଼	19.900
321100844	ଶିବରାମ ସାହୁ, ଗ୍ରାମ/ପୋ-ଗୋଡ଼ିପଡ଼ା, ନୟାଗଡ଼	17.600
321100852	ପ୍ରଶାନ୍ତ କୁମାର ସାମନ୍ତରାୟ, ଗ୍ରାମ/ପୋ-କାଶକା	71.600
321100853	ଦେବଦତ୍ତ ଦାସ, ଗ୍ରାମ/ପୋ-ମୌଜାଗଡ଼, ନୟାଗଡ଼	14.200
321100861	ଗୋବିନ୍ଦ ଚନ୍ଦ୍ର ସାହୁ, ଗ୍ରାମ/ପୋ-ରାଜ ସୁନାଖଳା	64.900
321100909	ସତ୍ୟବ୍ରତ ସାହୁ, ଗ୍ରାମ/ପୋ-ଜାଗୁଲାଇପାଡ଼ା, ନୟାଗଡ଼	17.500
321100929	ପ୍ରଶାନ୍ତ କୁମାର ବିଶ୍ୱାଳ, ଗ୍ରାମ/ପୋ-ଖଣ୍ଡପଡ଼ା	20.400
321100977	ସନ୍ତୋଷ କୁମାର ସାହୁ, ଗ୍ରାମ/ପୋ-ଚଣ୍ଡପୁର	13.700
321101021	ରଘୁନାଥ ବେହେରା, ଗ୍ରାମ/ପୋ-ଗଣିଆ, ନୟାଗଡ଼	15.800
321101024	ଜାନକୀଦାସ ପଣ୍ଡା, ଗ୍ରାମ/ପୋ-ଚନ୍ଦ୍ରପୁର, ନୟାଗଡ଼	23.900
321101032	ମହେନ୍ଦ୍ର ଦାସ, ଗ୍ରାମ/ପୋ-ଭୁବନେଶ୍ୱର	14.000
321101048	ଅଭିମନ୍ୟୁ ପ୍ରଧାନ, ଗ୍ରାମ/ପୋ-କୁଶପଲ୍ଲା, ନୟାଗଡ଼	12.200
321101070	ପ୍ରଫୁଲ୍ଲ ସାହୁ, ଗ୍ରାମ/ପୋ-ମାଣିକପୁର, ନୟାଗଡ଼	30.900
321101091	ସମରେନ୍ଦ୍ର କୁମାର ଦାସ, ଗ୍ରାମ/ପୋ-ଖେଣ୍ଡିଆ, ନୟାଗଡ଼	15.300
321101101	ମଧୁସୂଦନ ସାମନ୍ତରାୟ, ଗ୍ରାମ/ପୋ-ଗଣିଆ, ନୟାଗଡ଼	15.200
321101106	ସରୋଜ କୁମାର ସାହୁ, ଗ୍ରାମ/ପୋ-ନାଥପାଟଣା	26.000
321101130	ଉଦୟନାଥ ସାହୁ, ଗ୍ରାମ/ପୋ-ଓଡ଼ଗାଁ, ନୟାଗଡ଼	14.800
321101146	ଲକ୍ଷ୍ମୀଧର ସାମନ୍ତରାୟ, ଗ୍ରାମ/ପୋ-ଦାଶପଲ୍ଲା	12.300
321101165	ପ୍ରଦୀପ କୁମାର ସାହୁ, ଗ୍ରାମ/ପୋ-ଚନ୍ଦ୍ରପୁର	4.300
321101169	ଲକ୍ଷ୍ମୀପ୍ରିୟା ବେହେରା, ଗ୍ରାମ/ପୋ-ରାଜ ସୁନାଖଳା	18.000
329700071	ସନ୍ତୋଷ କୁମାର ସାହୁ, ଗ୍ରାମ/ପୋ-ବେଗୁନିଆ	26.000
ଋଣ ଆକାଉଣ୍ଟ ନଂ.	ସୁନା ଋଣଗ୍ରହୀତାଙ୍କ ନାମ ଓ ଠିକଣା	ମୋଟ ଓଜନ ଗ୍ରାମ
ଗୁରୁଜଙ୍ଗ ଶାଖା, ନିଲାମ ସ୍ଥାନ- ଆଞ୍ଚଳିକ କାର୍ଯ୍ୟାଳୟ, ଖୋର୍ଦ୍ଧା, ତା.୨୪.୦୬.୨୦୨୬ (ଶୁକ୍ରବାର), ସମୟ-ଦିବା ଘ.୧୧.୦୦ଟାରୁ
320300128	ପ୍ରହ୍ଲାଦ କୁମାର ସ୍ୱାଇଁ, ଗ୍ରାମ/ପୋ-ଗୁରୁଜଙ୍ଗ, ଖୋର୍ଦ୍ଧା	13.500
320300183	ଜ୍ୟୋତିରଞ୍ଜନ ସାହୁ, ଗ୍ରାମ/ପୋ-ଚନ୍ଦ୍ରପୁର, କଟକ	15.300
320900057	ଅଶୋକ କୁମାର ସାହୁ, ଗ୍ରାମ/ପୋ-ଗୁରୁଜଙ୍ଗ, ଖୋର୍ଦ୍ଧା	67.500
320900254	ଆନନ୍ଦ ସାହୁ, ଗ୍ରାମ/ପୋ-ଶିଖରଚଣ୍ଡୀ, ଖୋର୍ଦ୍ଧା	16.000
320900443	ବିଜୟ କୁମାର ସାହୁ, ଗ୍ରାମ/ପୋ-ପଟ୍ଟନାଗଡ଼, କଟକ	15.400
321000008	ପ୍ରଶାନ୍ତ ପ୍ରଧାନ, ଗ୍ରାମ/ପୋ-ଛତ୍ରପଡ଼ା, କଟକ	18.100
321000041	ରଘୁନାଥ ସାହୁ, ଗ୍ରାମ/ପୋ-କୋଡ଼ାପୁର, ଖୋର୍ଦ୍ଧା	23.000
321000097	ଅଭିମନ୍ୟୁ ମହାପାତ୍ର, ଗ୍ରାମ/ପୋ-ନରସିଂହପୁର, କଟକ	54.000
321000137	ସୁବାସ ସେନାପତି, ଗ୍ରାମ/ପୋ-ଧନେଶ୍ୱର, କଟକ	21.800
321000139	ଜଗନ୍ନାଥ ବେହେରା, ଗ୍ରାମ/ପୋ-ନନ୍ଦଗାଁ, କଟକ	39.000
321000142	ଭରି ଦାସ, ଗ୍ରାମ/ପୋ-ନରଙ୍ଗପୁର, କଟକ	17.600
321000160	ରବିନ୍ଦ୍ର ଦାସ, ଗ୍ରାମ/ପୋ-ନନ୍ଦଗାଁ, ଖୋର୍ଦ୍ଧା	21.300
321000262	ରବିନ୍ଦ୍ର ପଟ୍ଟନାୟକ, ଗ୍ରାମ/ପୋ-କୁଆଁରପୁର, କଟକ	26.000
321000270	ସୁରେନ୍ଦ୍ର ପଟ୍ଟନାୟକ, ଗ୍ରାମ/ପୋ-କଳାପଡ଼ା, କଟକ	36.600
321000366	ଜଗନ୍ନାଥ ମହାପାତ୍ର, ଗ୍ରାମ/ପୋ-ଗୁରୁଜଙ୍ଗ, ଖୋର୍ଦ୍ଧା	16.800
321000367	ଗୌରାଙ୍ଗ ପ୍ରଧାନ, ଗ୍ରାମ/ପୋ-ଘଣ୍ଟିକିଆ, କଟକ	17.800
321000393	ପୂର୍ଣ୍ଣ ଚନ୍ଦ୍ର ଦାସ, ଗ୍ରାମ/ପୋ-ଗୋପାଳପୁର, କଟକ	16.000
321000396	ଶରତ କୁମାର ପ୍ରଧାନ, ଗ୍ରାମ/ପୋ-ଗୁରୁଜଙ୍ଗ, ଖୋର୍ଦ୍ଧା	29.000
321000404	ଚନ୍ଦ୍ରଶେଖର ସିଂହଦେବ, ଗ୍ରାମ/ପୋ-କୋଡ଼ାପୁର, କଟକ	15.200
321000419	ଅଭିଷେକ ପଣ୍ଡା, ଗ୍ରାମ/ପୋ-ଶିଖରଚଣ୍ଡୀ, ଖୋର୍ଦ୍ଧା	25.000
321000470	ଦୁଷ୍ମନ୍ତ ପ୍ରଧାନ, ଗ୍ରାମ/ପୋ-ଧନେଶ୍ୱର, କଟକ	14.500
321000484	ଜଗନ୍ନାଥ ସାହୁ, ଗ୍ରାମ/ପୋ-ନନ୍ଦଗାଁ, କଟକ	11.000
321000501	ମଦନ ମୋହନ ମହାନ୍ତି, ଗ୍ରାମ/ପୋ-ନରସିଂହପୁର, କଟକ	13.200
321000560	ମିନା ସାହୁ, ଗ୍ରାମ/ପୋ-ଘଣ୍ଟିକିଆ, କଟକ	36.000
321100043	ନନ୍ଦ କିଶୋର ଦାସ, ଗ୍ରାମ/ପୋ-କୋଡ଼ାପୁର, ଖୋର୍ଦ୍ଧା	25.000
321100072	ଶରତ ଚନ୍ଦ୍ର ପଟ୍ଟନାୟକ, ଗ୍ରାମ/ପୋ-ଭୁବନେଶ୍ୱର	12.000
321100085	ପ୍ରମୋଦ ଚନ୍ଦ୍ର ପଟ୍ଟନାୟକ, ଗ୍ରାମ/ପୋ-ଧନେଶ୍ୱର	72.000
321100251	ମାଧବୀ ଦାସ, ଗ୍ରାମ/ପୋ-ଭୁବନେଶ୍ୱର, କଟକ	20.200
321100257	ମାଧବୀ ଦାସ, ଗ୍ରାମ/ପୋ-ଘଣ୍ଟିକିଆ, କଟକ	11.000
321100319	ଗଙ୍ଗାଧର ଦାସ, ଗ୍ରାମ/ପୋ-କୁଆଁରପୁର, କଟକ	5.500
321100363	ଜଗନ୍ନାଥ ଦାସ, ଗ୍ରାମ/ପୋ-ଗୁରୁଜଙ୍ଗ, ଖୋର୍ଦ୍ଧା	17.400
321100407	ବିଷ୍ଣୁ ଚରଣ ଦାସ, ଗ୍ରାମ/ପୋ-କୋଡ଼ାପୁର	49.500
321100460	ଶାନ୍ତ ଦାସ, ଗ୍ରାମ/ପୋ-ଧନେଶ୍ୱର, କଟକ	10.300
321100486	ସନ୍ତୋଷ ମହାପାତ୍ର, ଗ୍ରାମ/ପୋ-ନରସିଂହପୁର, କଟକ	18.400
321100488	ଭରତ ଚନ୍ଦ୍ର ଦାସ, ଗ୍ରାମ/ପୋ-ଧନେଶ୍ୱର, କଟକ	15.500
321100501	ବିଷ୍ଣୁପ୍ରିୟା ଜେନା, ଗ୍ରାମ/ପୋ-ଗୋପାଳପୁର	11.300
321100522	ସୁଭଦ୍ରା ସୁଆଁରକାର, ଗ୍ରାମ/ପୋ-ନନ୍ଦଗାଁ, କଟକ	8.500
321100528	ଦିବ୍ୟରଞ୍ଜନ ଦାସ, ଗ୍ରାମ/ପୋ-କୁଆଁରପୁର, କଟକ	12.300
321100539	ବିଷ୍ଣୁ ଦାସ, ଗ୍ରାମ/ପୋ-ଧନେଶ୍ୱର, କଟକ	14.600
329400071	ପିତାବାସ ସାହୁ, ଗ୍ରାମ/ପୋ-ଚନ୍ଦ୍ରପୁର, କଟକ	7.500
321100197	ଶିବନାରାୟଣ ନାୟକ, ଗ୍ରାମ/ପୋ-ଗୋପାଳପୁର, କଟକ	9.800
321100476	ମାଧବୀ ଦାସ, ଗ୍ରାମ/ପୋ-ଘଣ୍ଟିକିଆ, ଧନେଶ୍ୱର, କଟକ	95.000
ଋଣ ଆକାଉଣ୍ଟ ନଂ.	ସୁନା ଋଣଗ୍ରହୀତାଙ୍କ ନାମ ଓ ଠିକଣା	ମୋଟ ଓଜନ ଗ୍ରାମ
ଭାପୁର ଶାଖା, ନିଲାମ ସ୍ଥାନ- ଆଞ୍ଚଳିକ କାର୍ଯ୍ୟାଳୟ, ଖୋର୍ଦ୍ଧା, ତା.୨୫.୦୬.୨୦୨୬ (ଶନିବାର), ସମୟ-ଦିବା ଘ.୧୧.୦୦ଟାରୁ
320700173	ଭବେଶ ସାହୁ, ଗ୍ରାମ/ପୋ-ଭାପୁର, ନୟାଗଡ଼	5.400
320800075	ସରୋଜ ପଟ୍ଟନାୟକ, ଗ୍ରାମ/ପୋ-ଗୋଦିପଡ଼ା, ନୟାଗଡ଼	12.700
320800213	ସଦାଶିବ ନାୟକ, ଗ୍ରାମ/ପୋ-ଭାପୁର, ନୟାଗଡ଼	15.200
320900466	ଜ୍ୟୋତିଷ ପଣ୍ଡା, ଗ୍ରାମ/ପୋ-ଖଲିକୋଟ, ନୟାଗଡ଼	15.200
320900473	ପ୍ରଶାନ୍ତ ଦାସ, ଗ୍ରାମ/ପୋ-ଚନ୍ଦ୍ରପୁର, ନୟାଗଡ଼	19.800
320900478	କୃଷ୍ଣ ଚନ୍ଦ୍ର ସାହୁ, ଗ୍ରାମ/ପୋ-ଭାପୁର, ନୟାଗଡ଼	17.500
321000216	ଦିଲ୍ଲୀପ ସାହୁ, ଗ୍ରାମ/ପୋ-ନୂଆଗାଁ, ନୟାଗଡ଼	10.000
321000353	ରିନା ମହାପାତ୍ର, ଗ୍ରାମ/ପୋ-ଭାପୁର, ନୟାଗଡ଼	12.800
321000452	ସଦାଶିବ ଦାସ, ଗ୍ରାମ/ପୋ-ଭୁବନେଶ୍ୱର	21.000
321000530	ଚନ୍ଦ୍ରଶେଖର ନାୟକ, ଗ୍ରାମ/ପୋ-ଗୋଦିପଡ଼ା	26.600
321100165	ରତ୍ନାକର ପାତ୍ର, ଗ୍ରାମ/ପୋ-ଭାପୁର, ନୟାଗଡ଼	10.700
321100169	ଗଙ୍ଗାଧର ସାହୁ, ଗ୍ରାମ/ପୋ-ଖଲିକୋଟ, ନୟାଗଡ଼	11.000
321100175	ଅରୁଣ କୁମାର ସାହୁ, ଗ୍ରାମ/ପୋ-ନୂଆଗାଁ, ନୟାଗଡ଼	14.600
321100201	ଦିବ୍ୟ ଚରଣ ସାହୁ, ଗ୍ରାମ/ପୋ-ଭାପୁର, ନୟାଗଡ଼	16.000
321100218	ସରୋଜ କୁମାର ସାହୁ, ଗ୍ରାମ/ପୋ-ଗୋଦିପଡ଼ା	18.600
321100223	ପ୍ରଭାକର ଦାସ, ଗ୍ରାମ/ପୋ-ଖଲିକୋଟ, ନୟାଗଡ଼	10.500
P&A Advertising Agency Pvt. Ltd.
